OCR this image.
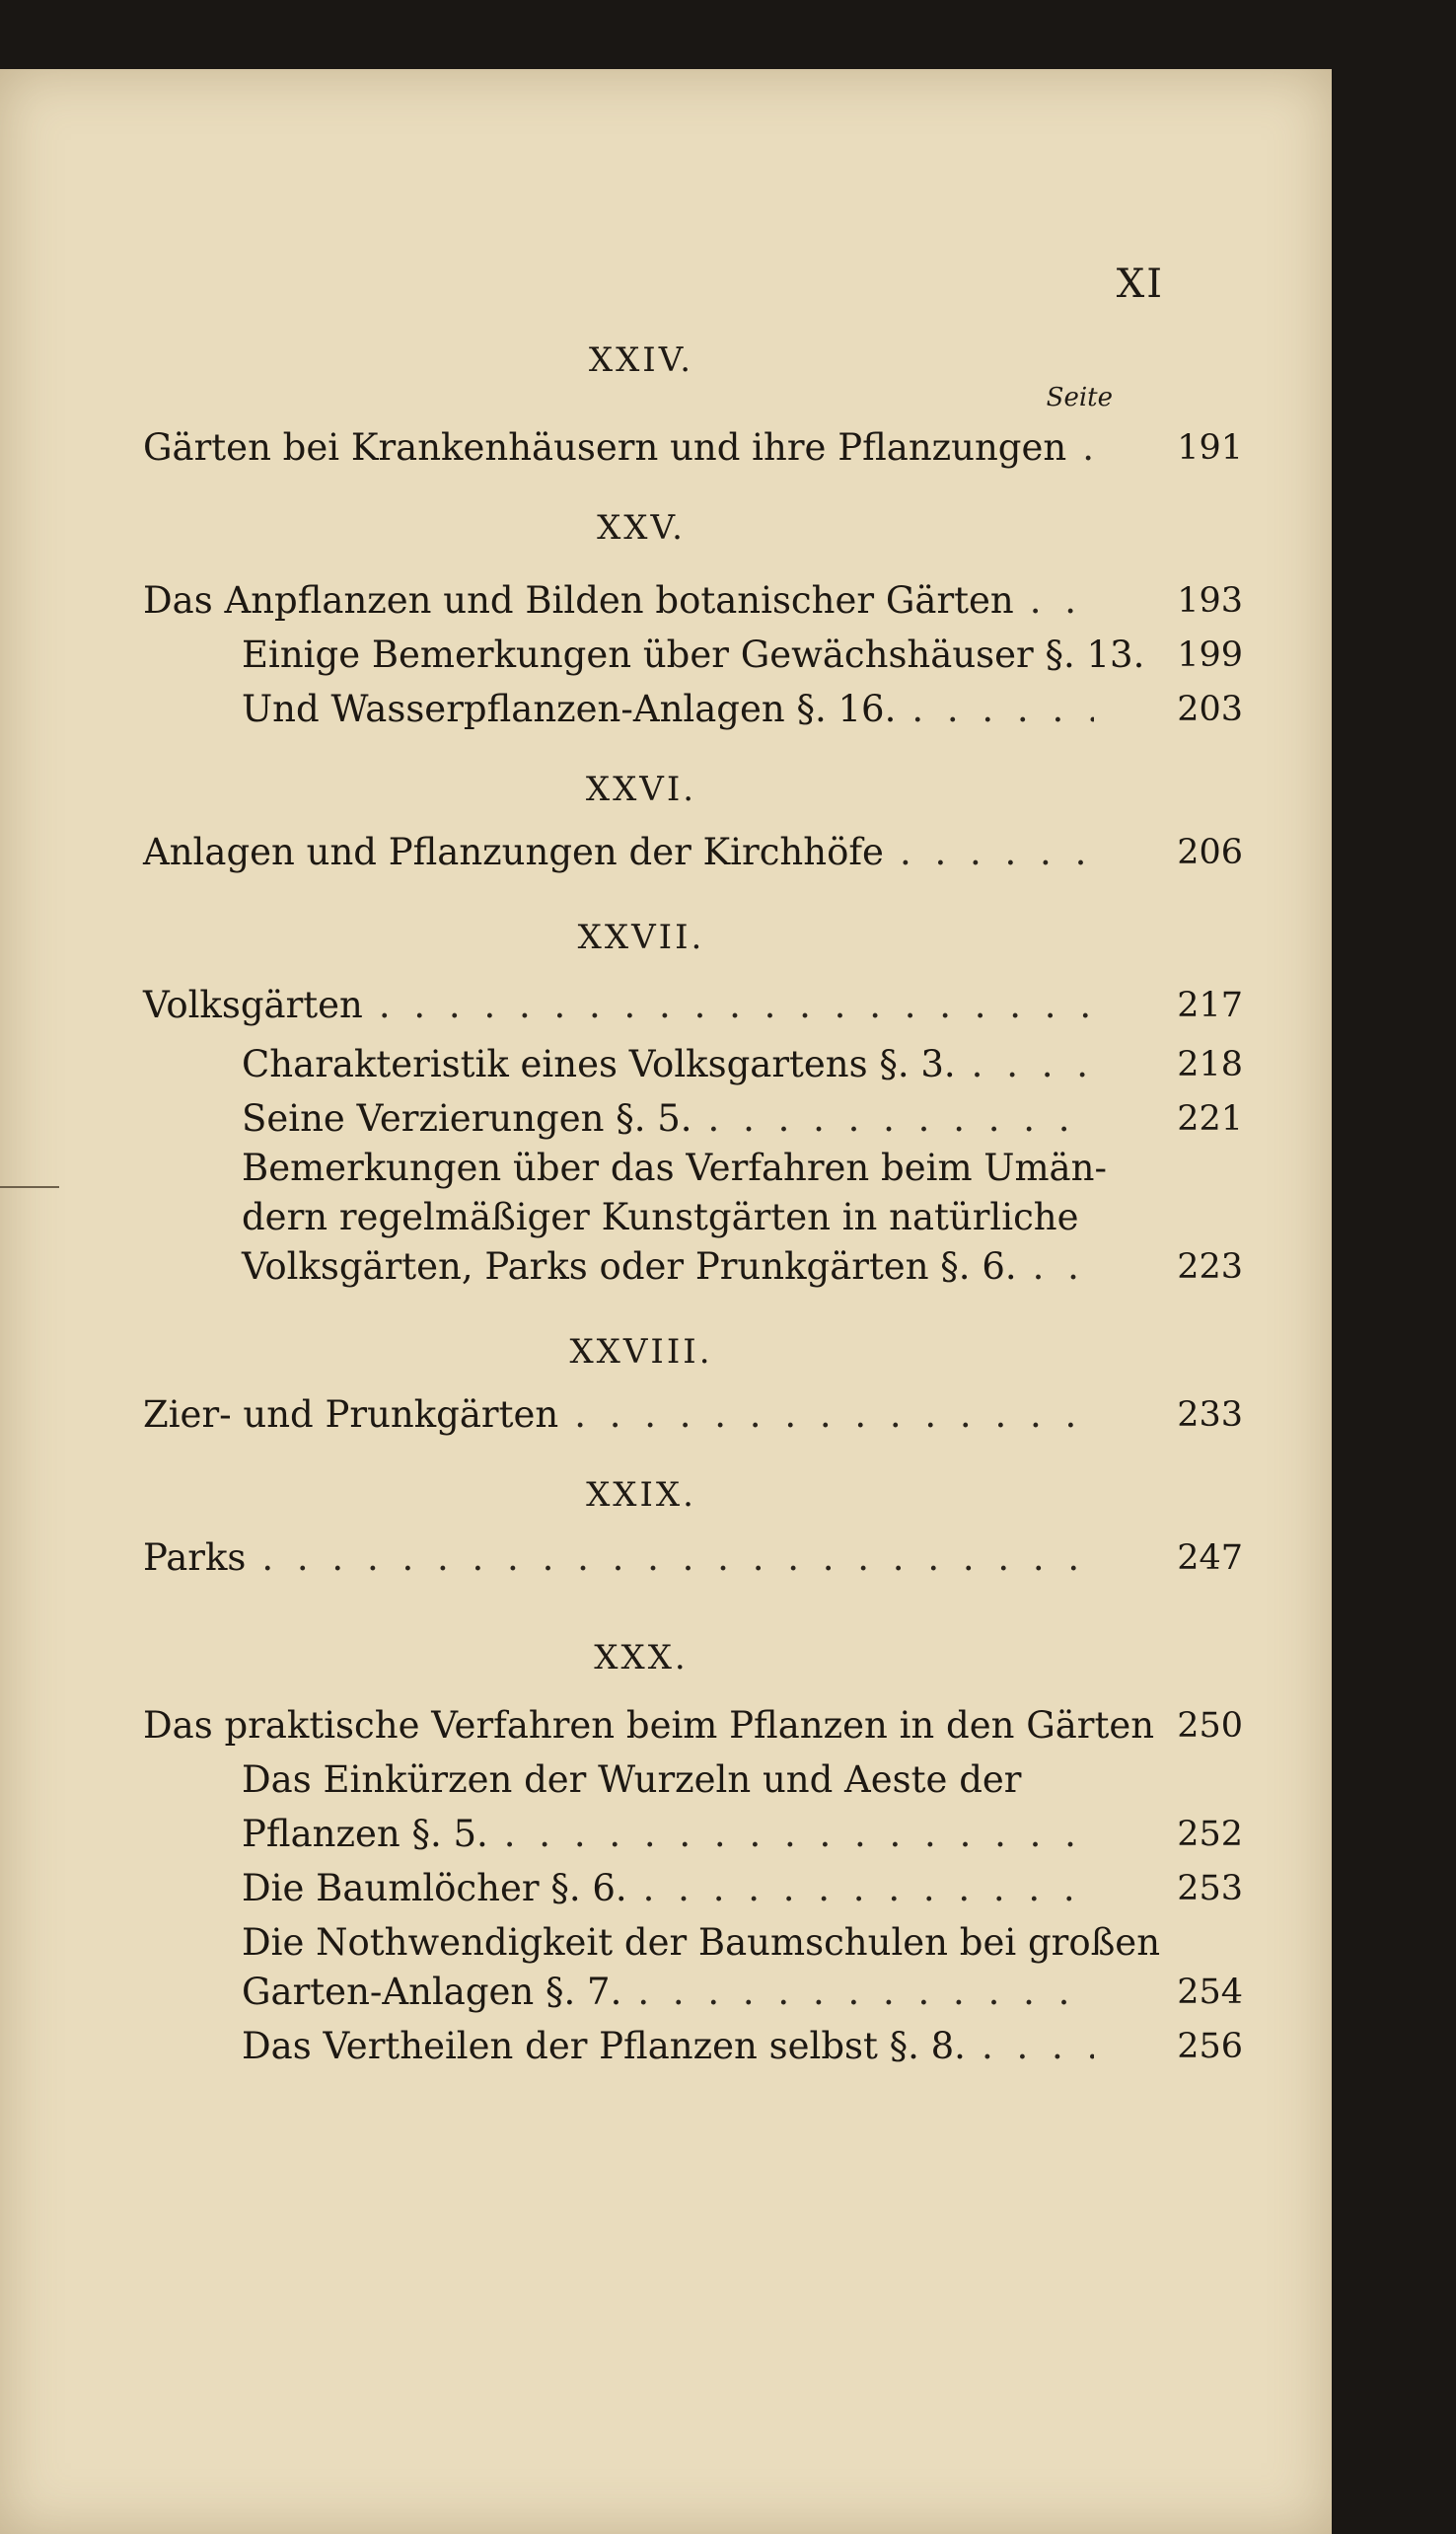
XI
Seite
XXIV.
Gärten bei Krankenhäusern und ihre Pflanzungen . . .	191
XXV.
Das Anpflanzen und Bilden botanischer Gärten . . .	193
Einige Bemerkungen über Gewächshäuser §. 13. 199
Und Wasserpflanzen-Anlagen §. 16. . . .	203
XXVI.
Anlagen und Pflanzungen der Kirchhöfe . . .	206
XXVII.
Volksgärten . . .	217
Charakteristik eines Volksgartens §. 3. . . .	218
Seine Verzierungen §. 5. . . .	221
Bemerkungen über das Verfahren beim Umän-
dern regelmäßiger Kunstgärten in natürliche
Volksgärten, Parks oder Prunkgärten §. 6. . . .	223
XXVIII.
Zier- und Prunkgärten . . .	233
XXIX.
Parks . . .	247
XXX.
Das praktische Verfahren beim Pflanzen in den Gärten 250
Das Einkürzen der Wurzeln und Aeste der
Pflanzen §. 5. . . .	252
Die Baumlöcher §. 6. . . .	253
Die Nothwendigkeit der Baumschulen bei großen
Garten-Anlagen §. 7. . . .	254
Das Vertheilen der Pflanzen selbst §. 8. . . .	256
